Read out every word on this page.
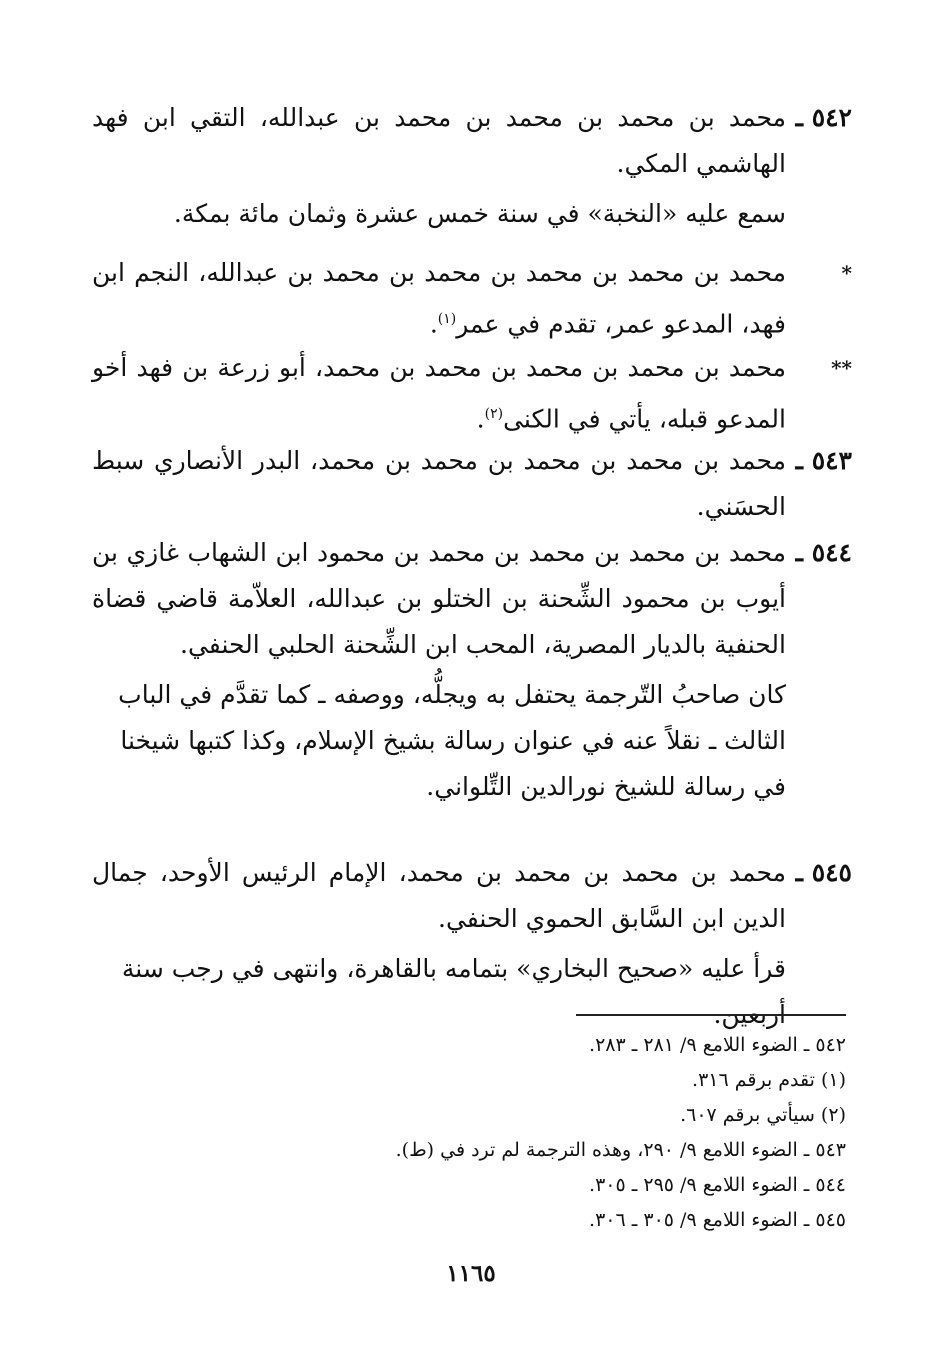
٥٤٢ ـ
محمد بن محمد بن محمد بن محمد بن عبدالله، التقي ابن فهد الهاشمي المكي.
سمع عليه «النخبة» في سنة خمس عشرة وثمان مائة بمكة.
*
محمد بن محمد بن محمد بن محمد بن محمد بن عبدالله، النجم ابن فهد، المدعو عمر، تقدم في عمر$^{(١)}$.
**
محمد بن محمد بن محمد بن محمد بن محمد، أبو زرعة بن فهد أخو المدعو قبله، يأتي في الكنى$^{(٢)}$.
٥٤٣ ـ
محمد بن محمد بن محمد بن محمد بن محمد، البدر الأنصاري سبط الحسَني.
٥٤٤ ـ
محمد بن محمد بن محمد بن محمد بن محمود ابن الشهاب غازي بن أيوب بن محمود الشِّحنة بن الختلو بن عبدالله، العلاّمة قاضي قضاة الحنفية بالديار المصرية، المحب ابن الشِّحنة الحلبي الحنفي.
كان صاحبُ التّرجمة يحتفل به ويجلُّه، ووصفه ـ كما تقدَّم في الباب الثالث ـ نقلاً عنه في عنوان رسالة بشيخ الإسلام، وكذا كتبها شيخنا في رسالة للشيخ نورالدين التِّلواني.
٥٤٥ ـ
محمد بن محمد بن محمد بن محمد، الإمام الرئيس الأوحد، جمال الدين ابن السَّابق الحموي الحنفي.
قرأ عليه «صحيح البخاري» بتمامه بالقاهرة، وانتهى في رجب سنة أربعين.
٥٤٢ ـ الضوء اللامع ٩/ ٢٨١ ـ ٢٨٣.
(١) تقدم برقم ٣١٦.
(٢) سيأتي برقم ٦٠٧.
٥٤٣ ـ الضوء اللامع ٩/ ٢٩٠، وهذه الترجمة لم ترد في (ط).
٥٤٤ ـ الضوء اللامع ٩/ ٢٩٥ ـ ٣٠٥.
٥٤٥ ـ الضوء اللامع ٩/ ٣٠٥ ـ ٣٠٦.
١١٦٥
